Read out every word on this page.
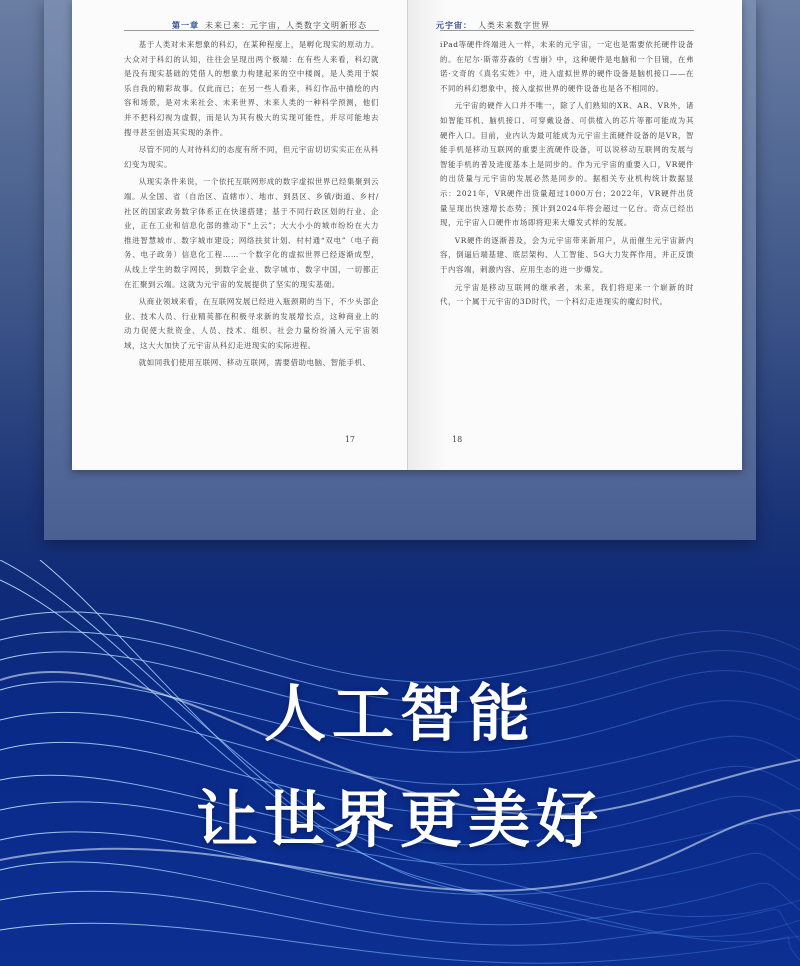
第一章 未来已来：元宇宙，人类数字文明新形态

基于人类对未来想象的科幻，在某种程度上，是孵化现实的原动力。大众对于科幻的认知，往往会呈现出两个极端：在有些人来看，科幻就是没有现实基础的凭借人的想象力构建起来的空中楼阁，是人类用于娱乐自我的精彩故事。仅此而已；在另一些人看来，科幻作品中描绘的内容和场景，是对未来社会、未来世界、未来人类的一种科学预测，他们并不把科幻视为虚假，而是认为其有极大的实现可能性，并尽可能地去搜寻甚至创造其实现的条件。

尽管不同的人对待科幻的态度有所不同，但元宇宙切切实实正在从科幻变为现实。

从现实条件来说，一个依托互联网形成的数字虚拟世界已经集聚到云端。从全国、省（自治区、直辖市）、地市、到县区、乡镇/街道、乡村/社区的国家政务数字体系正在快速搭建；基于不同行政区划的行业、企业，正在工业和信息化部的推动下“上云”；大大小小的城市纷纷在大力推进智慧城市、数字城市建设；网络扶贫计划、村村通“双电”（电子商务、电子政务）信息化工程……一个数字化的虚拟世界已经逐渐成型，从线上学生的数字网民，到数字企业、数字城市、数字中国，一切都正在汇聚到云端。这就为元宇宙的发展提供了坚实的现实基础。

从商业领域来看，在互联网发展已经进入瓶颈期的当下，不少头部企业、技术人员、行业精英都在积极寻求新的发展增长点，这种商业上的动力促使大批资金、人员、技术、组织、社会力量纷纷涌入元宇宙领域，这大大加快了元宇宙从科幻走进现实的实际进程。

就如同我们使用互联网、移动互联网，需要借助电脑、智能手机、

17
元宇宙： 人类未来数字世界

iPad等硬件终端进入一样，未来的元宇宙，一定也是需要依托硬件设备的。在尼尔·斯蒂芬森的《雪崩》中，这种硬件是电脑和一个目镜，在弗诺·文奇的《真名实姓》中，进入虚拟世界的硬件设备是脑机接口——在不同的科幻想象中，接入虚拟世界的硬件设备也是各不相同的。

元宇宙的硬件入口并不唯一，除了人们熟知的XR、AR、VR外，诸如智能耳机、脑机接口、可穿戴设备、可供植入的芯片等都可能成为其硬件入口。目前，业内认为最可能成为元宇宙主流硬件设备的是VR，智能手机是移动互联网的重要主流硬件设备，可以说移动互联网的发展与智能手机的普及进度基本上是同步的。作为元宇宙的重要入口，VR硬件的出货量与元宇宙的发展必然是同步的。据相关专业机构统计数据显示：2021年，VR硬件出货量超过1000万台；2022年，VR硬件出货量呈现出快速增长态势；预计到2024年将会超过一亿台。奇点已经出现，元宇宙入口硬件市场即将迎来大爆发式样的发展。

VR硬件的逐渐普及，会为元宇宙带来新用户，从而催生元宇宙新内容，倒逼后端基建、底层架构、人工智能、5G大力发挥作用，并正反馈于内容端，刺激内容、应用生态的进一步爆发。

元宇宙是移动互联网的继承者，未来，我们将迎来一个崭新的时代，一个属于元宇宙的3D时代，一个科幻走进现实的魔幻时代。

18
人工智能
让世界更美好
